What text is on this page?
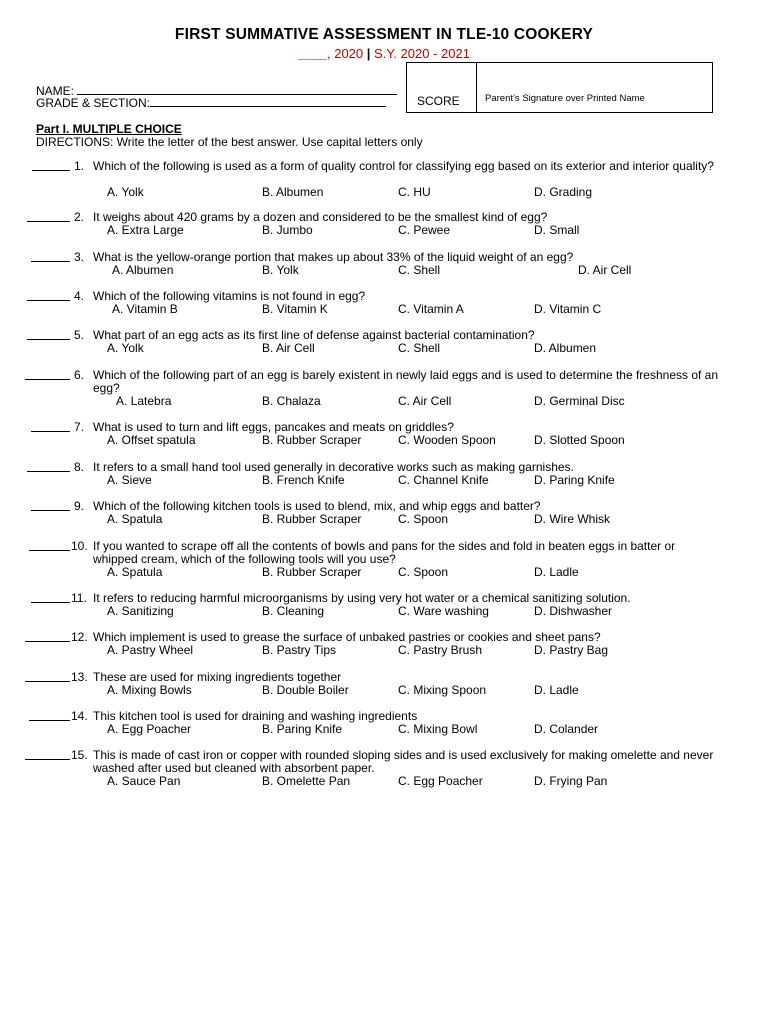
FIRST SUMMATIVE ASSESSMENT IN TLE-10 COOKERY
____, 2020 | S.Y. 2020 - 2021
NAME:
GRADE & SECTION:	SCORE	Parent’s Signature over Printed Name
Part I. MULTIPLE CHOICE
DIRECTIONS: Write the letter of the best answer. Use capital letters only
1. Which of the following is used as a form of quality control for classifying egg based on its exterior and interior quality?
A. Yolk	B. Albumen	C. HU	D. Grading
2. It weighs about 420 grams by a dozen and considered to be the smallest kind of egg?
A. Extra Large	B. Jumbo	C. Pewee	D. Small
3. What is the yellow-orange portion that makes up about 33% of the liquid weight of an egg?
A. Albumen	B. Yolk	C. Shell	D. Air Cell
4. Which of the following vitamins is not found in egg?
A. Vitamin B	B. Vitamin K	C. Vitamin A	D. Vitamin C
5. What part of an egg acts as its first line of defense against bacterial contamination?
A. Yolk	B. Air Cell	C. Shell	D. Albumen
6. Which of the following part of an egg is barely existent in newly laid eggs and is used to determine the freshness of an egg?
A. Latebra	B. Chalaza	C. Air Cell	D. Germinal Disc
7. What is used to turn and lift eggs, pancakes and meats on griddles?
A. Offset spatula	B. Rubber Scraper	C. Wooden Spoon	D. Slotted Spoon
8. It refers to a small hand tool used generally in decorative works such as making garnishes.
A. Sieve	B. French Knife	C. Channel Knife	D. Paring Knife
9. Which of the following kitchen tools is used to blend, mix, and whip eggs and batter?
A. Spatula	B. Rubber Scraper	C. Spoon	D. Wire Whisk
10. If you wanted to scrape off all the contents of bowls and pans for the sides and fold in beaten eggs in batter or whipped cream, which of the following tools will you use?
A. Spatula	B. Rubber Scraper	C. Spoon	D. Ladle
11. It refers to reducing harmful microorganisms by using very hot water or a chemical sanitizing solution.
A. Sanitizing	B. Cleaning	C. Ware washing	D. Dishwasher
12. Which implement is used to grease the surface of unbaked pastries or cookies and sheet pans?
A. Pastry Wheel	B. Pastry Tips	C. Pastry Brush	D. Pastry Bag
13. These are used for mixing ingredients together
A. Mixing Bowls	B. Double Boiler	C. Mixing Spoon	D. Ladle
14. This kitchen tool is used for draining and washing ingredients
A. Egg Poacher	B. Paring Knife	C. Mixing Bowl	D. Colander
15. This is made of cast iron or copper with rounded sloping sides and is used exclusively for making omelette and never washed after used but cleaned with absorbent paper.
A. Sauce Pan	B. Omelette Pan	C. Egg Poacher	D. Frying Pan
